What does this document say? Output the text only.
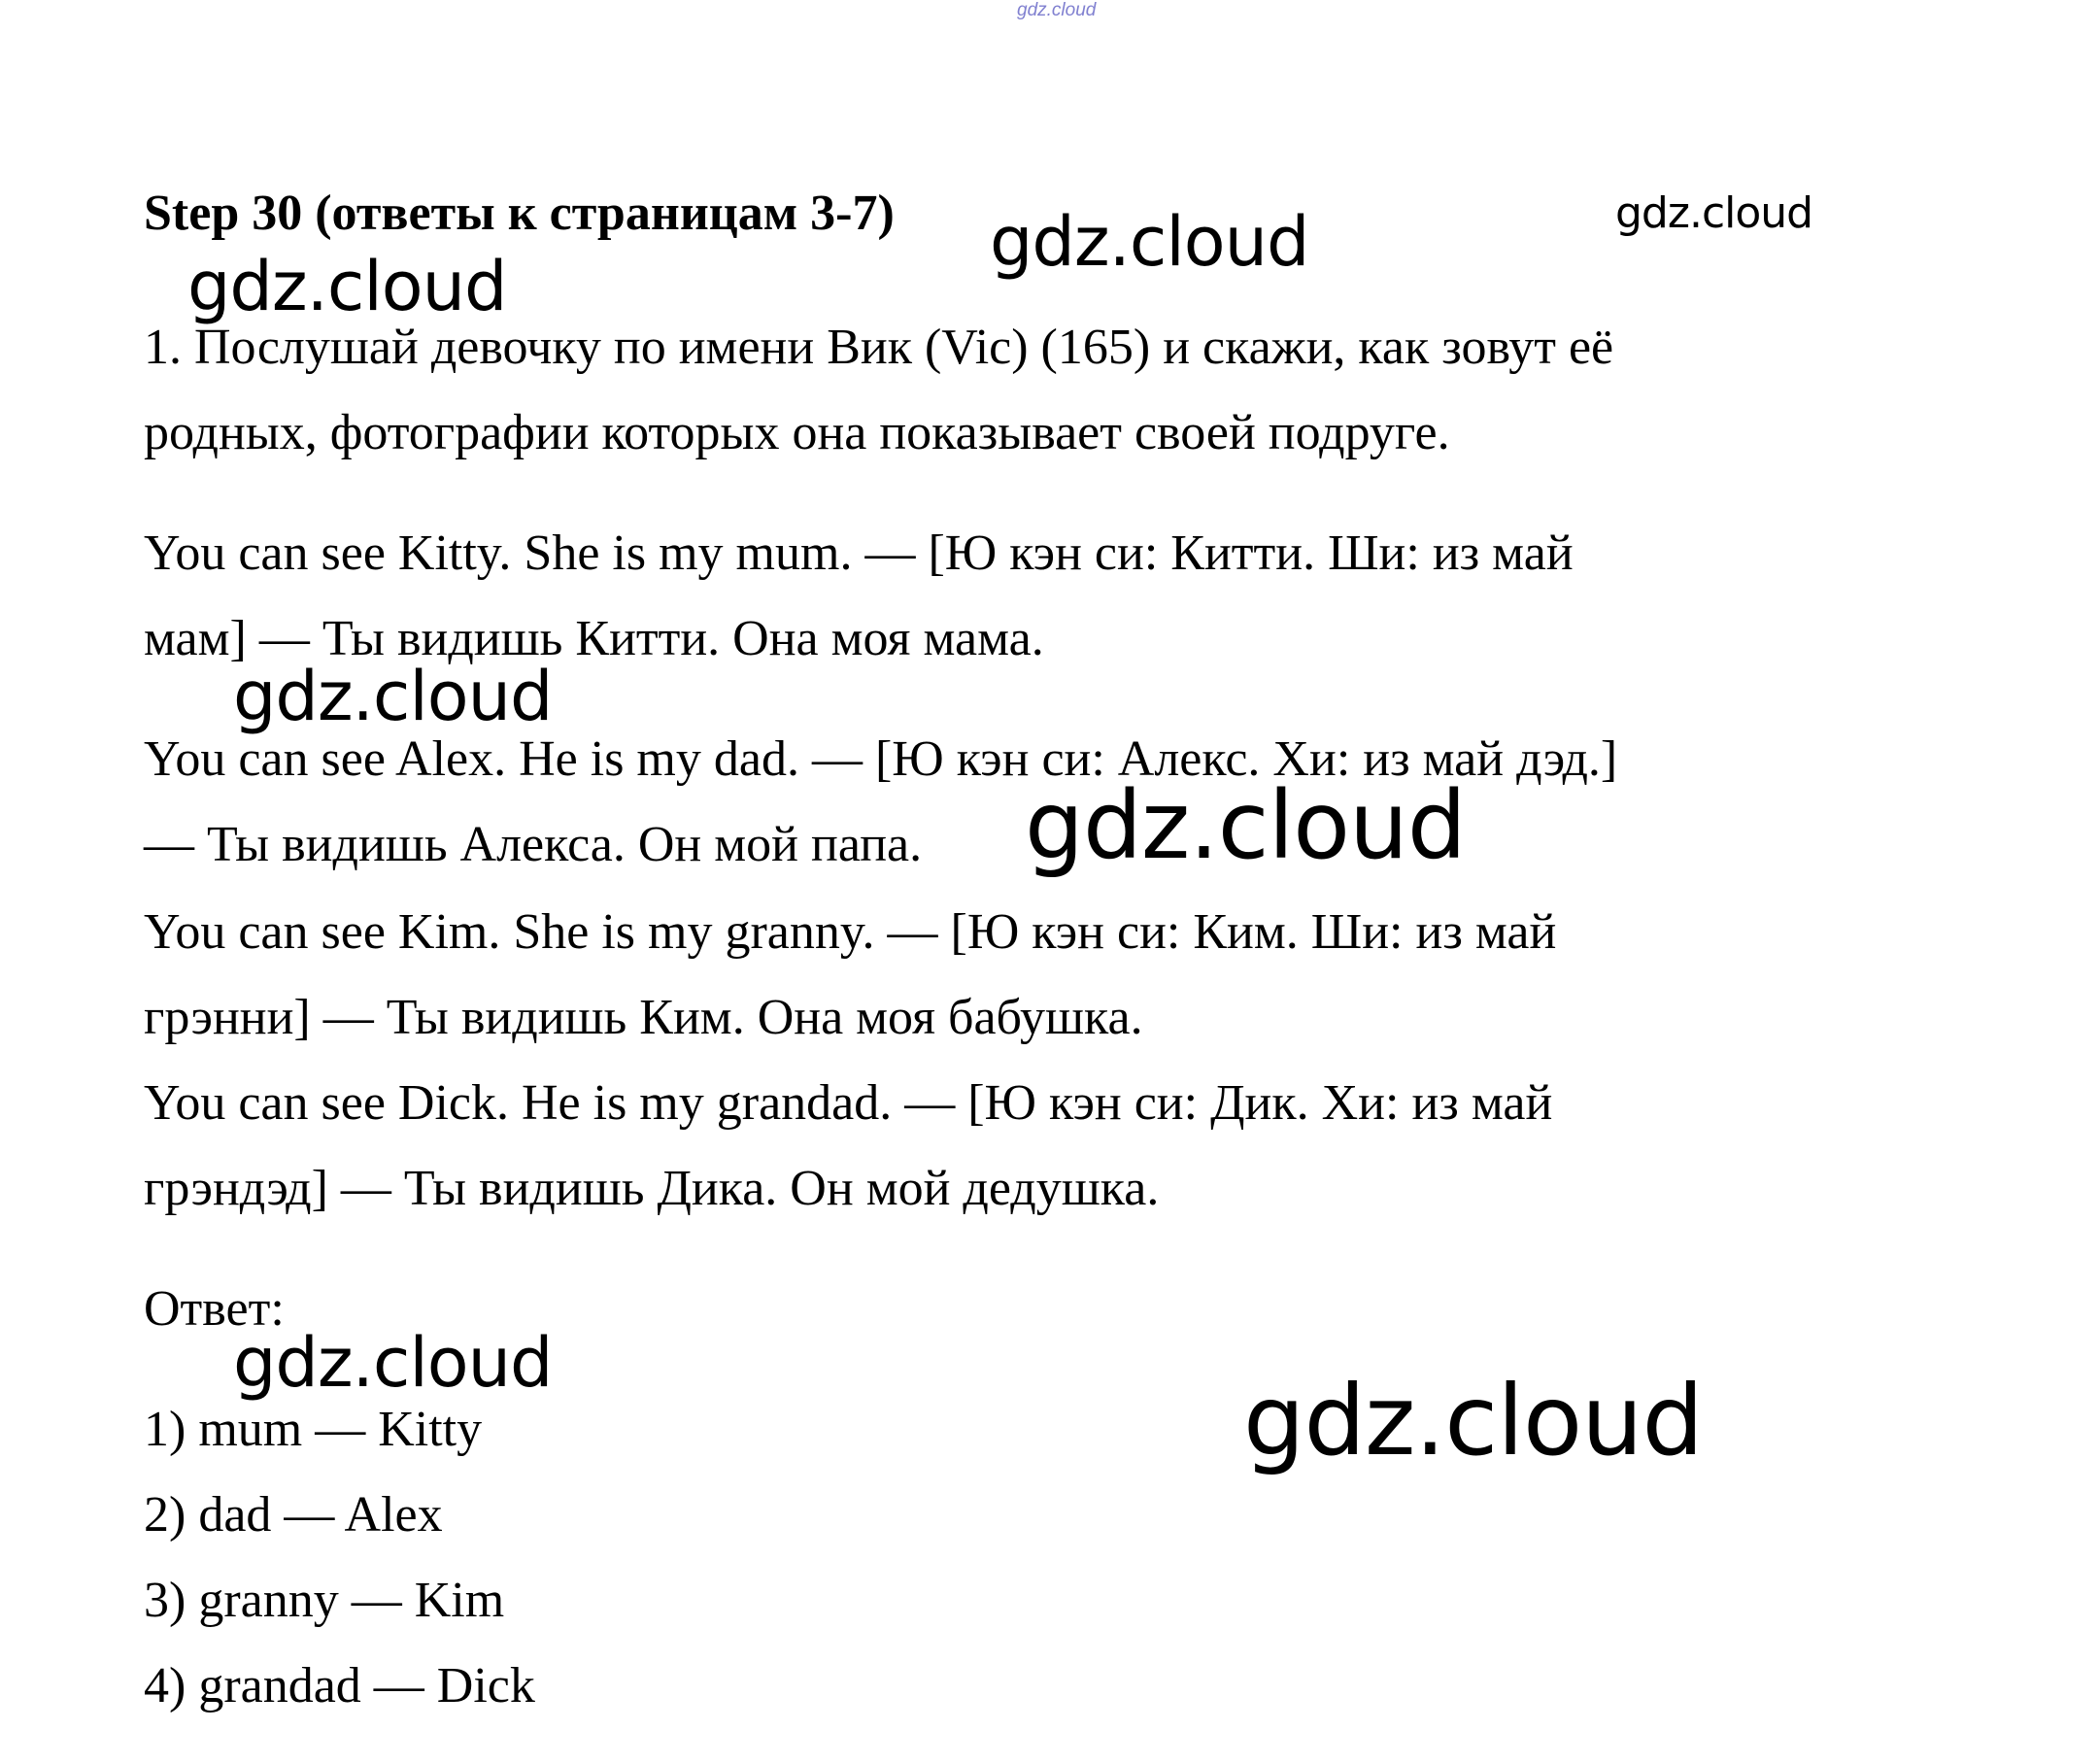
gdz.cloud
Step 30 (ответы к страницам 3-7)
1. Послушай девочку по имени Вик (Vic) (165) и скажи, как зовут её
родных, фотографии которых она показывает своей подруге.
You can see Kitty. She is my mum. — [Ю кэн си: Китти. Ши: из май
мам] — Ты видишь Китти. Она моя мама.
You can see Alex. He is my dad. — [Ю кэн си: Алекс. Хи: из май дэд.]
— Ты видишь Алекса. Он мой папа.
You can see Kim. She is my granny. — [Ю кэн си: Ким. Ши: из май
грэнни] — Ты видишь Ким. Она моя бабушка.
You can see Dick. He is my grandad. — [Ю кэн си: Дик. Хи: из май
грэндэд] — Ты видишь Дика. Он мой дедушка.
Ответ:
1) mum — Kitty
2) dad — Alex
3) granny — Kim
4) grandad — Dick
gdz.cloud
gdz.cloud
gdz.cloud
gdz.cloud
gdz.cloud
gdz.cloud
gdz.cloud
